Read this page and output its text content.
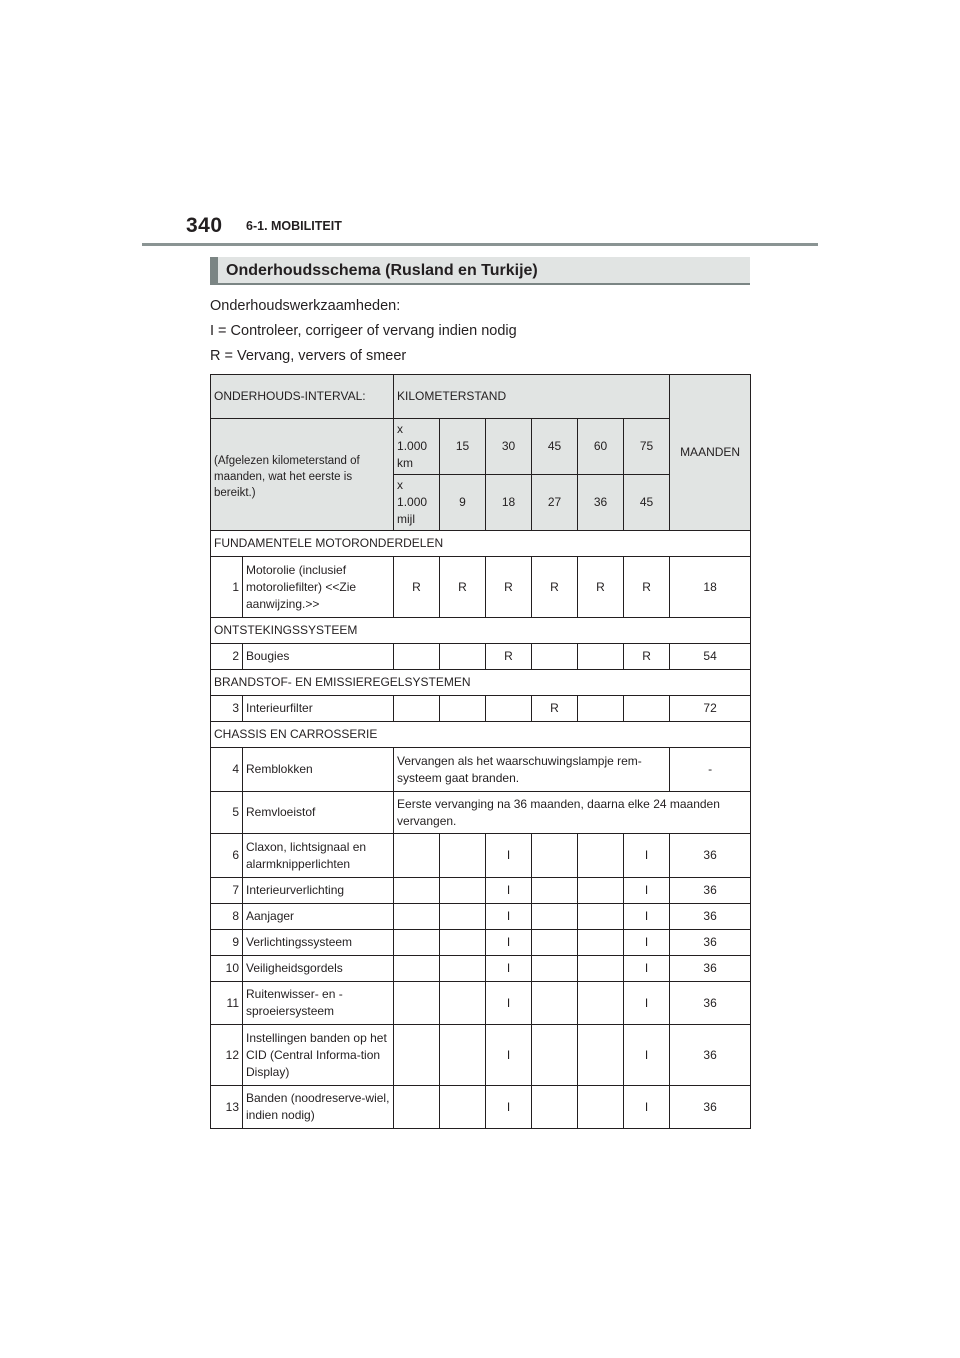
340 6-1. MOBILITEIT
Onderhoudsschema (Rusland en Turkije)
Onderhoudswerkzaamheden:
I = Controleer, corrigeer of vervang indien nodig
R = Vervang, ververs of smeer
ONDERHOUDS-INTERVAL:		KILOMETERSTAND						MAANDEN
(Afgelezen kilometerstand of maanden, wat het eerste is bereikt.)		x 1.000 km	15	30	45	60	75	
		x 1.000 mijl	9	18	27	36	45	
FUNDAMENTELE MOTORONDERDELEN								
1	Motorolie (inclusief motoroliefilter) <<Zie aanwijzing.>>	R	R	R	R	R	R	18
ONTSTEKINGSSYSTEEM								
2	Bougies			R			R	54
BRANDSTOF- EN EMISSIEREGELSYSTEMEN								
3	Interieurfilter				R			72
CHASSIS EN CARROSSERIE								
4	Remblokken	Vervangen als het waarschuwingslampje rem-systeem gaat branden.						-
5	Remvloeistof	Eerste vervanging na 36 maanden, daarna elke 24 maanden vervangen.						
6	Claxon, lichtsignaal en alarmknipperlichten			I			I	36
7	Interieurverlichting			I			I	36
8	Aanjager			I			I	36
9	Verlichtingssysteem			I			I	36
10	Veiligheidsgordels			I			I	36
11	Ruitenwisser- en -sproeiersysteem			I			I	36
12	Instellingen banden op het CID (Central Informa-tion Display)			I			I	36
13	Banden (noodreserve-wiel, indien nodig)			I			I	36
